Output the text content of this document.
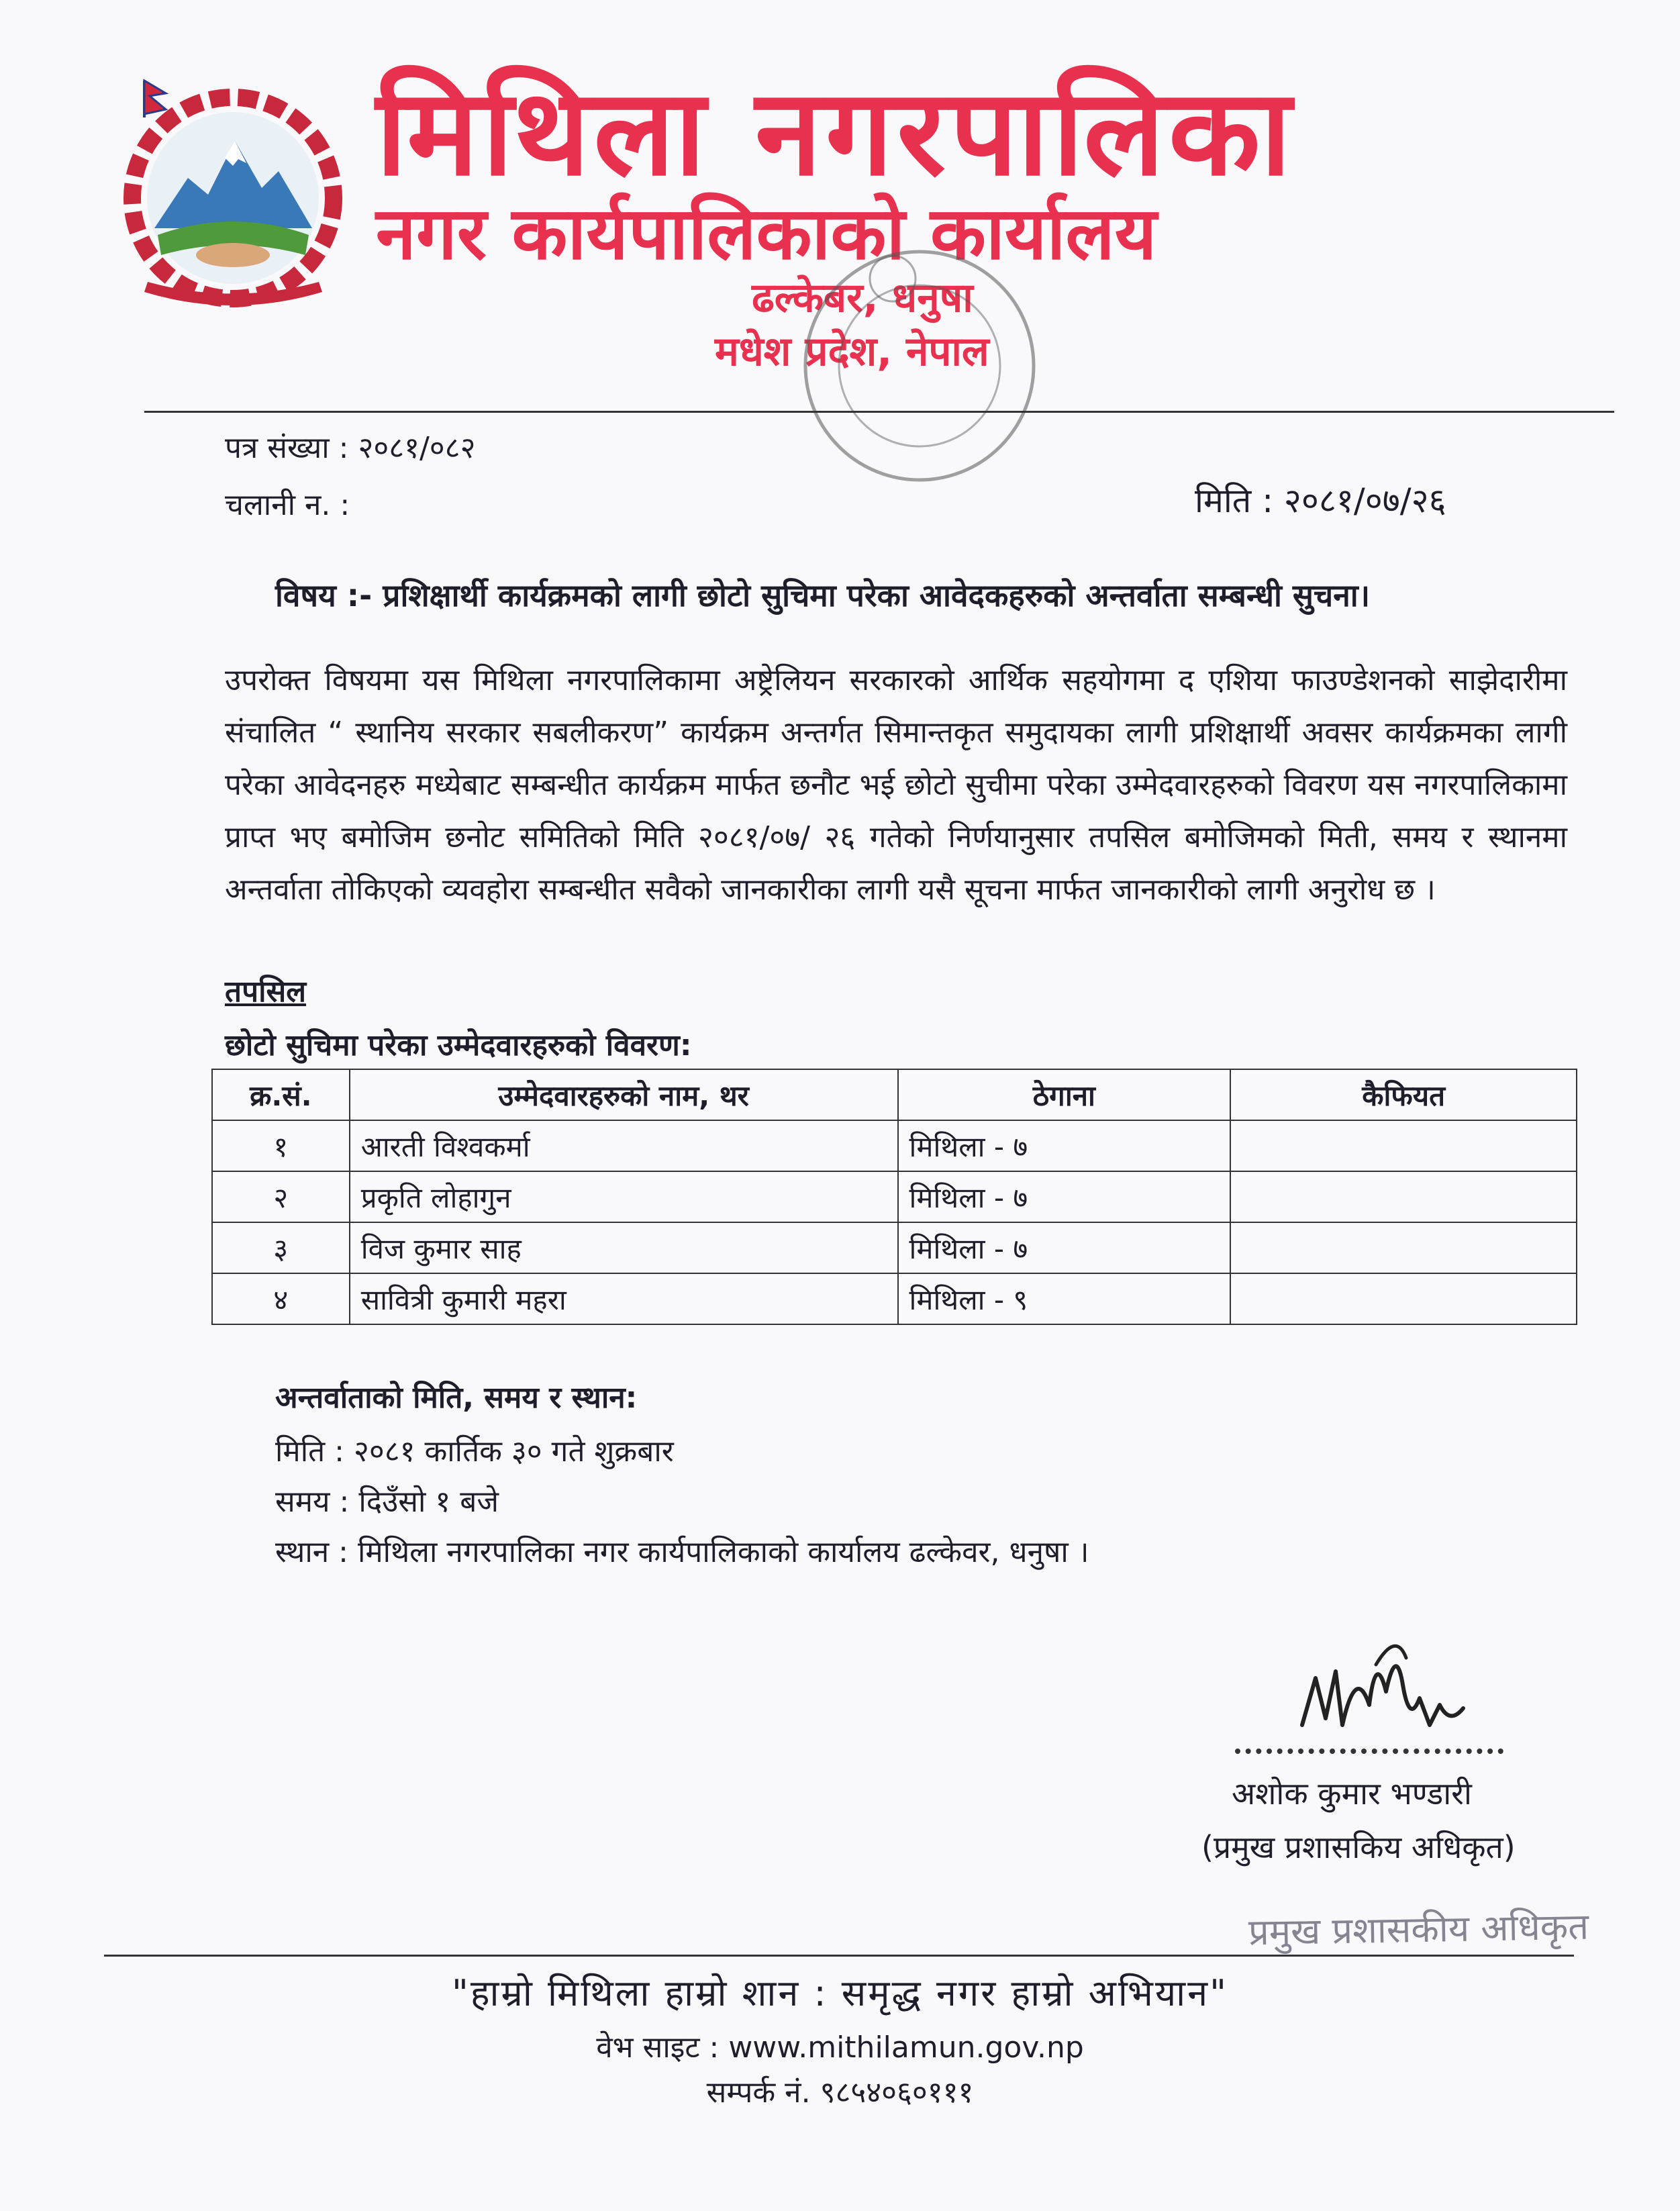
मिथिला नगरपालिका
नगर कार्यपालिकाको कार्यालय
ढल्केबर, धनुषा
मधेश प्रदेश, नेपाल
पत्र संख्या : २०८१/०८२
चलानी न. :	मिति : २०८१/०७/२६
विषय :- प्रशिक्षार्थी कार्यक्रमको लागी छोटो सुचिमा परेका आवेदकहरुको अन्तर्वाता सम्बन्धी सुचना।
उपरोक्त विषयमा यस मिथिला नगरपालिकामा अष्ट्रेलियन सरकारको आर्थिक सहयोगमा द एशिया फाउण्डेशनको साझेदारीमा संचालित “ स्थानिय सरकार सबलीकरण” कार्यक्रम अन्तर्गत सिमान्तकृत समुदायका लागी प्रशिक्षार्थी अवसर कार्यक्रमका लागी परेका आवेदनहरु मध्येबाट सम्बन्धीत कार्यक्रम मार्फत छनौट भई छोटो सुचीमा परेका उम्मेदवारहरुको विवरण यस नगरपालिकामा प्राप्त भए बमोजिम छनोट समितिको मिति २०८१/०७/ २६ गतेको निर्णयानुसार तपसिल बमोजिमको मिती, समय र स्थानमा अन्तर्वाता तोकिएको व्यवहोरा सम्बन्धीत सवैको जानकारीका लागी यसै सूचना मार्फत जानकारीको लागी अनुरोध छ ।
तपसिल
छोटो सुचिमा परेका उम्मेदवारहरुको विवरण:
क्र.सं.	उम्मेदवारहरुको नाम, थर	ठेगाना	कैफियत
१	आरती विश्वकर्मा	मिथिला - ७	
२	प्रकृति लोहागुन	मिथिला - ७	
३	विज कुमार साह	मिथिला - ७	
४	सावित्री कुमारी महरा	मिथिला - ९	
अन्तर्वाताको मिति, समय र स्थान:
मिति : २०८१ कार्तिक ३० गते शुक्रबार
समय : दिउँसो १ बजे
स्थान : मिथिला नगरपालिका नगर कार्यपालिकाको कार्यालय ढल्केवर, धनुषा ।
अशोक कुमार भण्डारी
(प्रमुख प्रशासकिय अधिकृत)
प्रमुख प्रशासकीय अधिकृत
"हाम्रो मिथिला हाम्रो शान : समृद्ध नगर हाम्रो अभियान"
वेभ साइट : www.mithilamun.gov.np
सम्पर्क नं. ९८५४०६०१११
